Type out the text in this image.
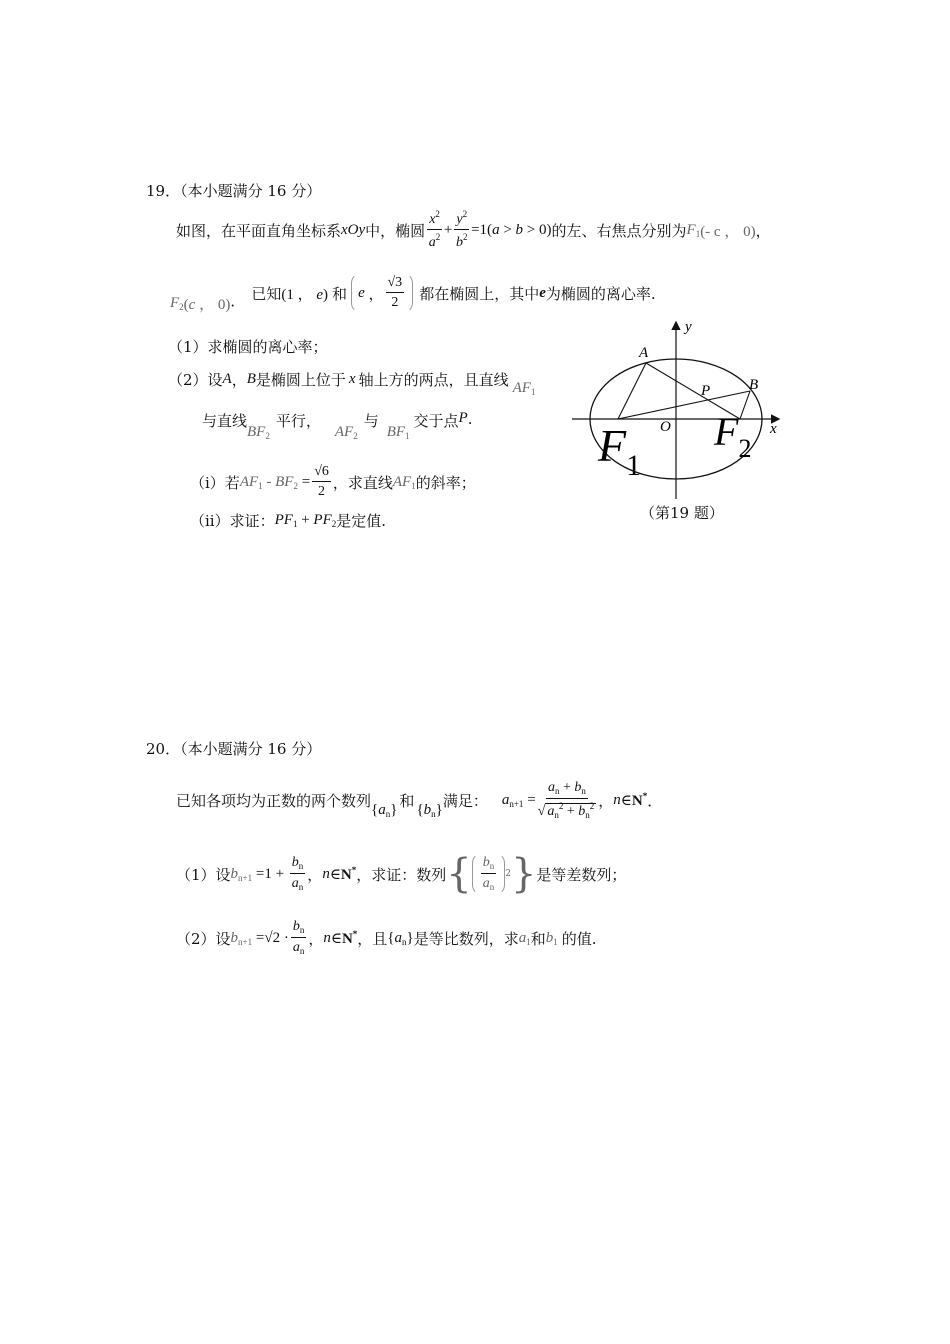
19．（本小题满分 16 分）
如图，在平面直角坐标系 xOy 中，椭圆 $\frac{x^2}{a^2} + \frac{y^2}{b^2} =1$( a > b > 0) 的左、右焦点分别为 $F_1$ (- c ， 0) ，
$F_2$ (c ， 0) ． 已知 (1 ， e) 和 e ， $\frac{√3}{2}$ 都在椭圆上，其中 e 为椭圆的离心率.
（1）求椭圆的离心率；
（2）设 A ， B 是椭圆上位于 x 轴上方的两点，且直线 $AF_1$
与直线
$BF_2$
平行，
$AF_2$
与
$BF_1$
交于点 P .
（i）若 $AF_1 - BF_2 = \frac{√6}{2}$ ，求直线 $AF_1$ 的斜率；
（ii）求证： $PF_1 + PF_2$ 是定值.
y
x
O
A
B
P
$F_1$
$F_2$
（第19 题）
20．（本小题满分 16 分）
已知各项均为正数的两个数列 $\{a_n\}$ 和 $\{b_n\}$ 满足： $a_{n+1} = \frac{a_n + b_n}{√ a_n^2 + b_n^2}$ ， n ∈ N* ．
（1）设 $b_{n+1} =1 + \frac{b_n}{a_n}$ ， n ∈ N* ，求证：数列 { $\frac{b_n}{a_n} 2$ } 是等差数列；
（2）设 $b_{n+1} =√2 \cdot \frac{b_n}{a_n}$ ， n ∈ N* ，且 $\{a_n\}$ 是等比数列，求 $a_1$ 和 $b_1$ 的值.
